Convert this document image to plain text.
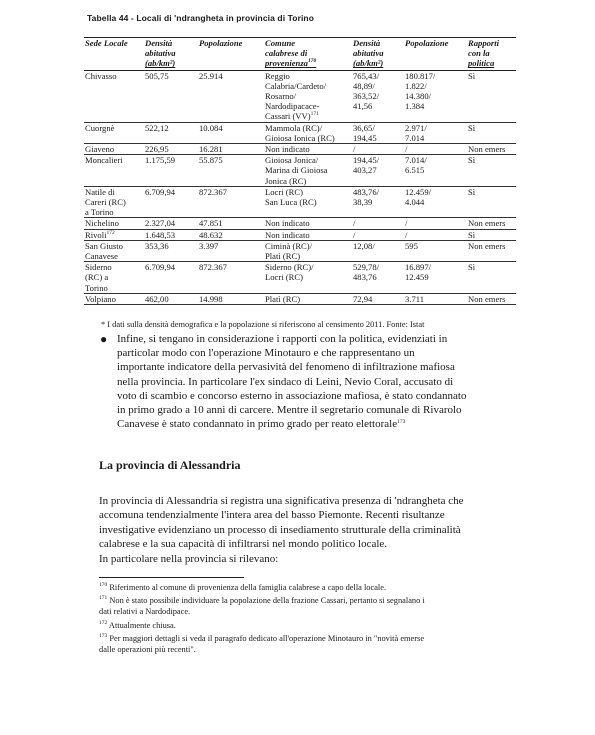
Tabella 44 - Locali di 'ndrangheta in provincia di Torino
Sede Locale	Densità
abitativa
(ab/km²)	Popolazione	Comune
calabrese di
provenienza$^{170}$	Densità
abitativa
(ab/km²)	Popolazione	Rapporti
con la
politica

Chivasso	505,75	25.914	Reggio
Calabria/Cardeto/
Rosarno/
Nardodipacace-
Cassari (VV)$^{171}$	765,43/
48,89/
363,52/
41,56	180.817/
1.822/
14.380/
1.384	Sì

Cuorgnè	522,12	10.084	Mammola (RC)/
Gioiosa Ionica (RC)	36,65/
194,45	2.971/
7.014	Sì

Giaveno	226,95	16.281	Non indicato	/	/	Non emers

Moncalieri	1.175,59	55.875	Gioiosa Jonica/
Marina di Gioiosa
Jonica (RC)	194,45/
403,27	7.014/
6.515	Sì

Natile di
Careri (RC)
a Torino	6.709,94	872.367	Locri (RC)
San Luca (RC)	483,76/
38,39	12.459/
4.044	Sì

Nichelino	2.327,04	47.851	Non indicato	/	/	Non emers

Rivoli$^{172}$	1.648,53	48.632	Non indicato	/	/	Sì

San Giusto
Canavese	353,36	3.397	Ciminà (RC)/
Platì (RC)	12,08/	595	Non emers

Siderno
(RC) a
Torino	6.709,94	872.367	Siderno (RC)/
Locri (RC)	529,78/
483,76	16.897/
12.459	Sì

Volpiano	462,00	14.998	Platì (RC)	72,94	3.711	Non emers
* I dati sulla densità demografica e la popolazione si riferiscono al censimento 2011. Fonte: Istat
● Infine, si tengano in considerazione i rapporti con la politica, evidenziati in
particolar modo con l'operazione Minotauro e che rappresentano un
importante indicatore della pervasività del fenomeno di infiltrazione mafiosa
nella provincia. In particolare l'ex sindaco di Leini, Nevio Coral, accusato di
voto di scambio e concorso esterno in associazione mafiosa, è stato condannato
in primo grado a 10 anni di carcere. Mentre il segretario comunale di Rivarolo
Canavese è stato condannato in primo grado per reato elettorale$^{173}$
La provincia di Alessandria
In provincia di Alessandria si registra una significativa presenza di 'ndrangheta che
accomuna tendenzialmente l'intera area del basso Piemonte. Recenti risultanze
investigative evidenziano un processo di insediamento strutturale della criminalità
calabrese e la sua capacità di infiltrarsi nel mondo politico locale.
In particolare nella provincia si rilevano:
$^{170}$ Riferimento al comune di provenienza della famiglia calabrese a capo della locale.
$^{171}$ Non è stato possibile individuare la popolazione della frazione Cassari, pertanto si segnalano i
dati relativi a Nardodipace.
$^{172}$ Attualmente chiusa.
$^{173}$ Per maggiori dettagli si veda il paragrafo dedicato all'operazione Minotauro in "novità emerse
dalle operazioni più recenti".
